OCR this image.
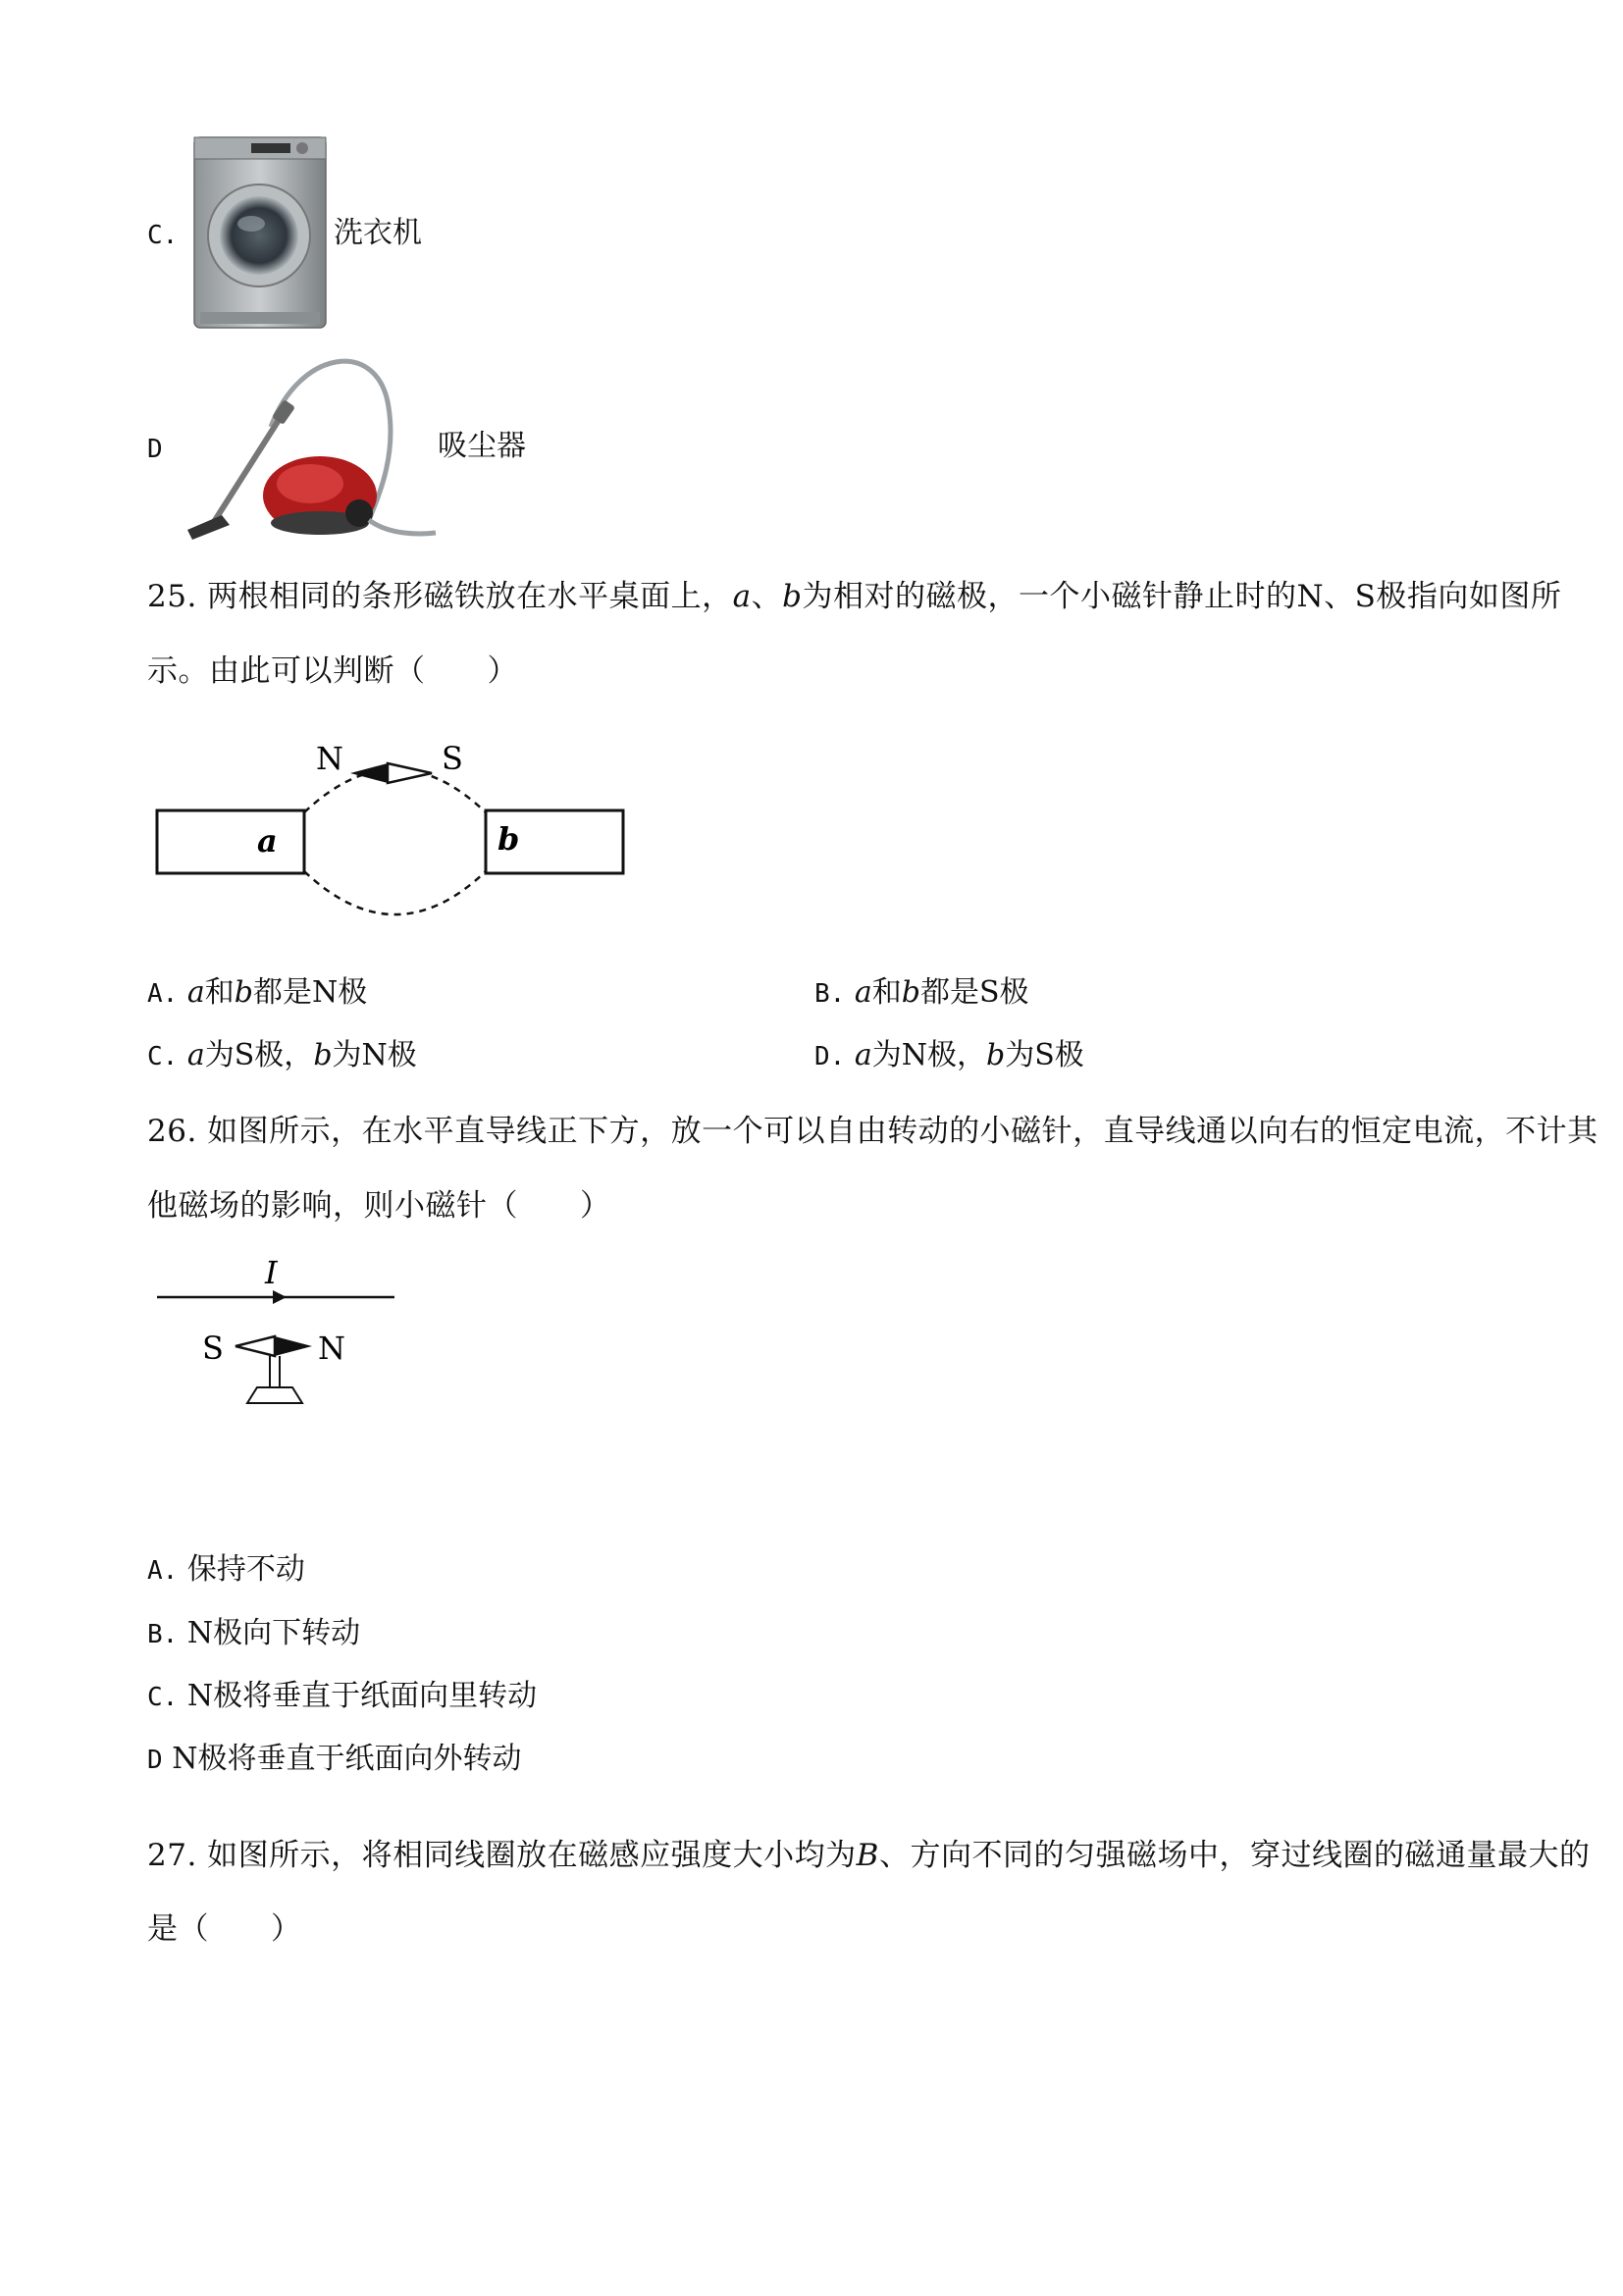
C.	洗衣机
D	吸尘器
25. 两根相同的条形磁铁放在水平桌面上，a、b为相对的磁极，一个小磁针静止时的N、S极指向如图所
示。由此可以判断（　　）
N	S
a	b
A. a和b都是N极	B. a和b都是S极
C. a为S极，b为N极	D. a为N极，b为S极
26. 如图所示，在水平直导线正下方，放一个可以自由转动的小磁针，直导线通以向右的恒定电流，不计其
他磁场的影响，则小磁针（　　）
I
S	N
A. 保持不动
B. N极向下转动
C. N极将垂直于纸面向里转动
D N极将垂直于纸面向外转动
27. 如图所示，将相同线圈放在磁感应强度大小均为B、方向不同的匀强磁场中，穿过线圈的磁通量最大的
是（　　）
